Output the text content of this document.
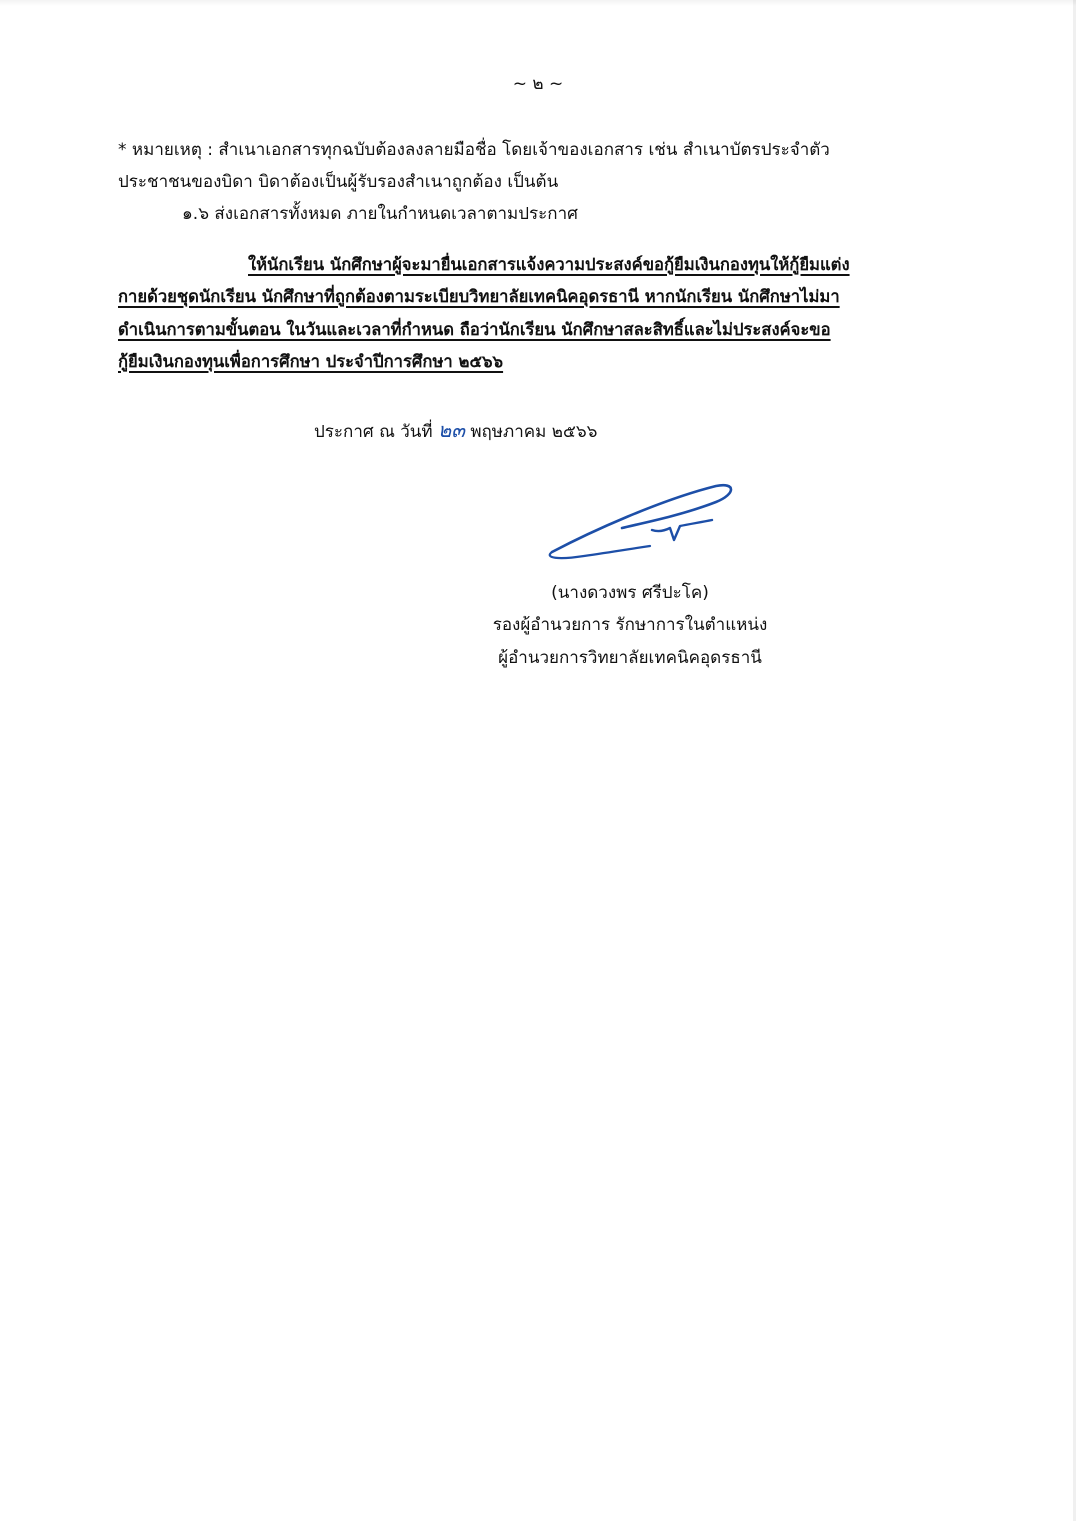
~ ๒ ~
* หมายเหตุ : สำเนาเอกสารทุกฉบับต้องลงลายมือชื่อ โดยเจ้าของเอกสาร เช่น สำเนาบัตรประจำตัว
ประชาชนของบิดา บิดาต้องเป็นผู้รับรองสำเนาถูกต้อง เป็นต้น
๑.๖ ส่งเอกสารทั้งหมด ภายในกำหนดเวลาตามประกาศ
ให้นักเรียน นักศึกษาผู้จะมายื่นเอกสารแจ้งความประสงค์ขอกู้ยืมเงินกองทุนให้กู้ยืมแต่ง
กายด้วยชุดนักเรียน นักศึกษาที่ถูกต้องตามระเบียบวิทยาลัยเทคนิคอุดรธานี หากนักเรียน นักศึกษาไม่มา
ดำเนินการตามขั้นตอน ในวันและเวลาที่กำหนด ถือว่านักเรียน นักศึกษาสละสิทธิ์และไม่ประสงค์จะขอ
กู้ยืมเงินกองทุนเพื่อการศึกษา ประจำปีการศึกษา ๒๕๖๖
ประกาศ ณ วันที่ ๒๓ พฤษภาคม ๒๕๖๖
(นางดวงพร ศรีปะโค)
รองผู้อำนวยการ รักษาการในตำแหน่ง
ผู้อำนวยการวิทยาลัยเทคนิคอุดรธานี
